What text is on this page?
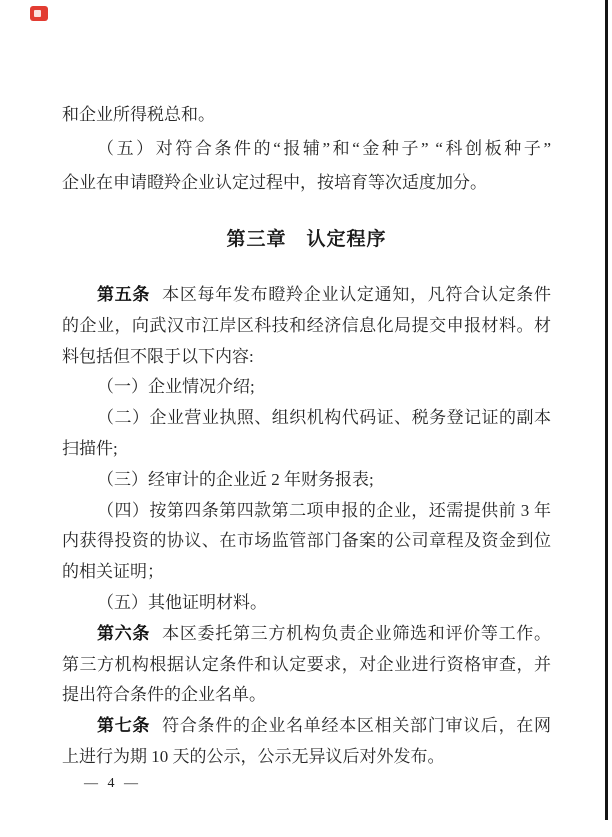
和企业所得税总和。
（五）对符合条件的“报辅”和“金种子” “科创板种子”
企业在申请瞪羚企业认定过程中，按培育等次适度加分。
第三章　认定程序
第五条 本区每年发布瞪羚企业认定通知，凡符合认定条件
的企业，向武汉市江岸区科技和经济信息化局提交申报材料。材
料包括但不限于以下内容:
（一）企业情况介绍;
（二）企业营业执照、组织机构代码证、税务登记证的副本
扫描件;
（三）经审计的企业近 2 年财务报表;
（四）按第四条第四款第二项申报的企业，还需提供前 3 年
内获得投资的协议、在市场监管部门备案的公司章程及资金到位
的相关证明；
（五）其他证明材料。
第六条 本区委托第三方机构负责企业筛选和评价等工作。
第三方机构根据认定条件和认定要求，对企业进行资格审查，并
提出符合条件的企业名单。
第七条 符合条件的企业名单经本区相关部门审议后，在网
上进行为期 10 天的公示，公示无异议后对外发布。
— 4 —
